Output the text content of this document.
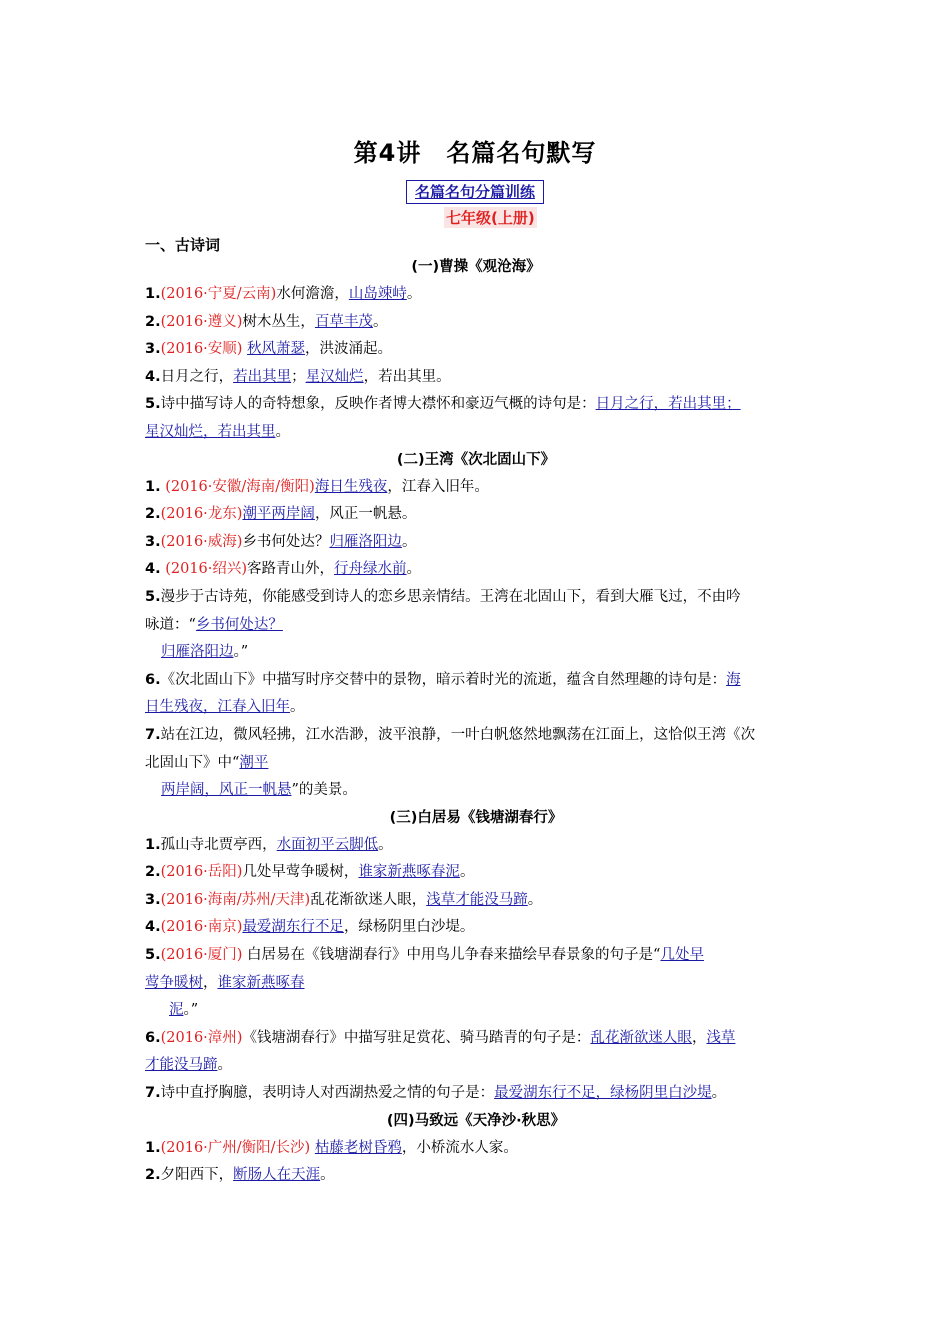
第4讲　名篇名句默写
名篇名句分篇训练
七年级(上册)
一、古诗词
(一)曹操《观沧海》

1.(2016·宁夏/云南)水何澹澹，山岛竦峙。

2.(2016·遵义)树木丛生，百草丰茂。

3.(2016·安顺) 秋风萧瑟，洪波涌起。

4.日月之行，若出其里；星汉灿烂，若出其里。

5.诗中描写诗人的奇特想象，反映作者博大襟怀和豪迈气概的诗句是：日月之行，若出其里；
星汉灿烂，若出其里。

(二)王湾《次北固山下》

1. (2016·安徽/海南/衡阳)海日生残夜，江春入旧年。

2.(2016·龙东)潮平两岸阔，风正一帆悬。

3.(2016·威海)乡书何处达？归雁洛阳边。

4. (2016·绍兴)客路青山外，行舟绿水前。

5.漫步于古诗苑，你能感受到诗人的恋乡思亲情结。王湾在北固山下，看到大雁飞过，不由吟
咏道：“乡书何处达？
归雁洛阳边。”

6.《次北固山下》中描写时序交替中的景物，暗示着时光的流逝，蕴含自然理趣的诗句是：海
日生残夜，江春入旧年。

7.站在江边，微风轻拂，江水浩渺，波平浪静，一叶白帆悠然地飘荡在江面上，这恰似王湾《次
北固山下》中“潮平
两岸阔，风正一帆悬”的美景。

(三)白居易《钱塘湖春行》

1.孤山寺北贾亭西，水面初平云脚低。

2.(2016·岳阳)几处早莺争暖树，谁家新燕啄春泥。

3.(2016·海南/苏州/天津)乱花渐欲迷人眼，浅草才能没马蹄。

4.(2016·南京)最爱湖东行不足，绿杨阴里白沙堤。

5.(2016·厦门) 白居易在《钱塘湖春行》中用鸟儿争春来描绘早春景象的句子是“几处早
莺争暖树，谁家新燕啄春
泥。”

6.(2016·漳州)《钱塘湖春行》中描写驻足赏花、骑马踏青的句子是：乱花渐欲迷人眼，浅草
才能没马蹄。

7.诗中直抒胸臆，表明诗人对西湖热爱之情的句子是：最爱湖东行不足，绿杨阴里白沙堤。

(四)马致远《天净沙·秋思》

1.(2016·广州/衡阳/长沙) 枯藤老树昏鸦，小桥流水人家。

2.夕阳西下，断肠人在天涯。
